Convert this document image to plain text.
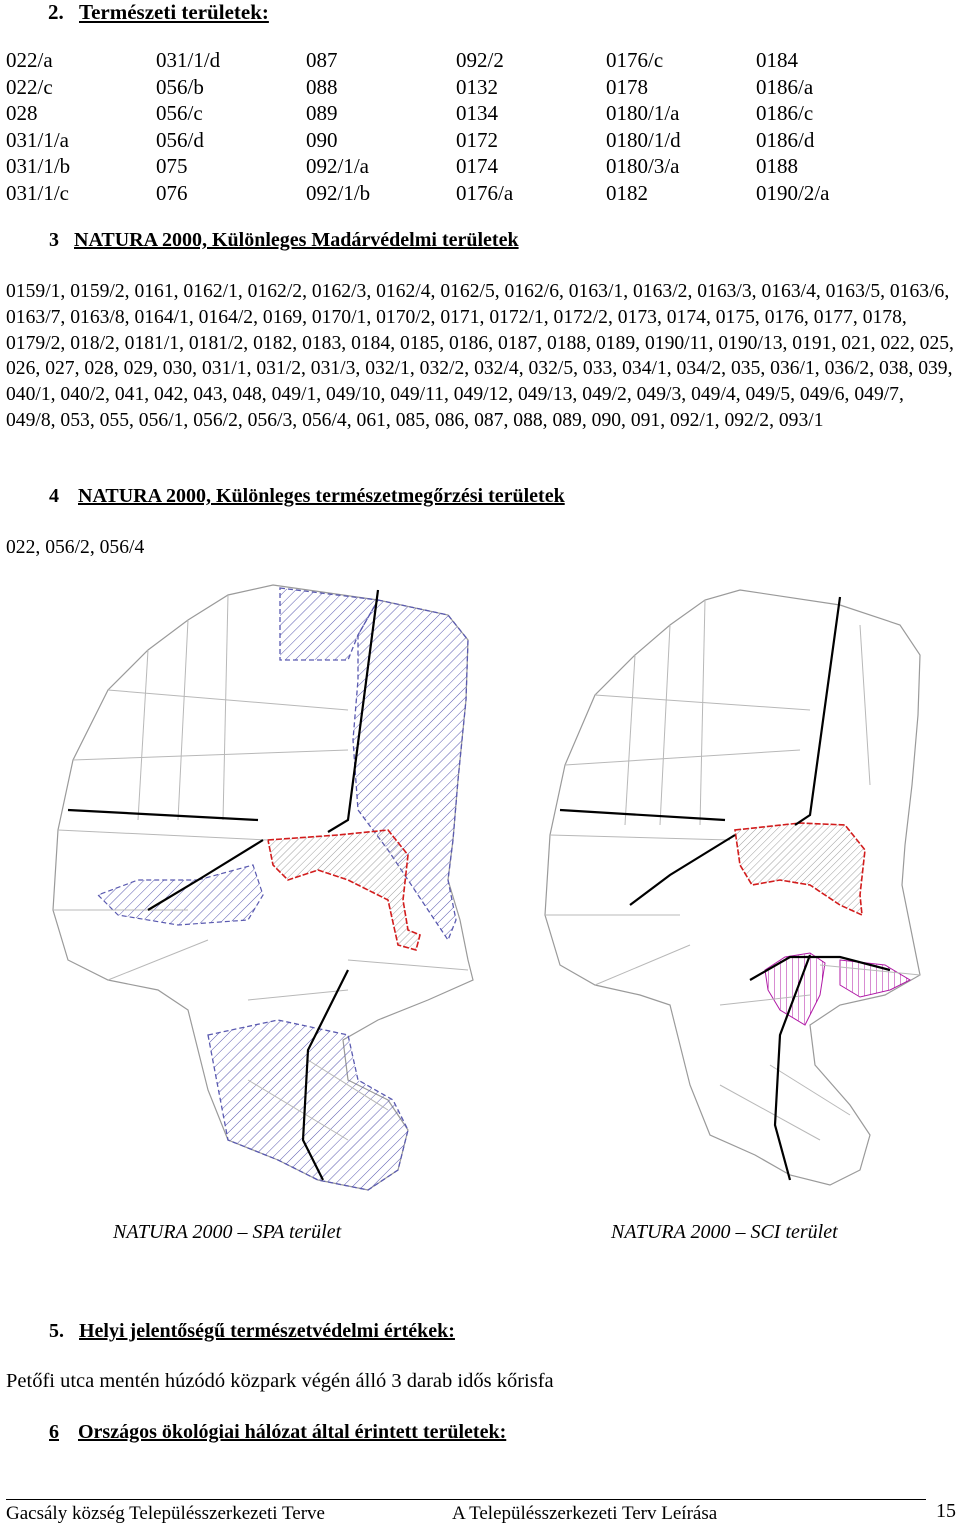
2. Természeti területek:
022/a	031/1/d	087	092/2	0176/c	0184
022/c	056/b	088	0132	0178	0186/a
028	056/c	089	0134	0180/1/a	0186/c
031/1/a	056/d	090	0172	0180/1/d	0186/d
031/1/b	075	092/1/a	0174	0180/3/a	0188
031/1/c	076	092/1/b	0176/a	0182	0190/2/a
3 NATURA 2000, Különleges Madárvédelmi területek
0159/1, 0159/2, 0161, 0162/1, 0162/2, 0162/3, 0162/4, 0162/5, 0162/6, 0163/1, 0163/2, 0163/3, 0163/4, 0163/5, 0163/6, 0163/7, 0163/8, 0164/1, 0164/2, 0169, 0170/1, 0170/2, 0171, 0172/1, 0172/2, 0173, 0174, 0175, 0176, 0177, 0178, 0179/2, 018/2, 0181/1, 0181/2, 0182, 0183, 0184, 0185, 0186, 0187, 0188, 0189, 0190/11, 0190/13, 0191, 021, 022, 025, 026, 027, 028, 029, 030, 031/1, 031/2, 031/3, 032/1, 032/2, 032/4, 032/5, 033, 034/1, 034/2, 035, 036/1, 036/2, 038, 039, 040/1, 040/2, 041, 042, 043, 048, 049/1, 049/10, 049/11, 049/12, 049/13, 049/2, 049/3, 049/4, 049/5, 049/6, 049/7, 049/8, 053, 055, 056/1, 056/2, 056/3, 056/4, 061, 085, 086, 087, 088, 089, 090, 091, 092/1, 092/2, 093/1
4 NATURA 2000, Különleges természetmegőrzési területek
022, 056/2, 056/4
NATURA 2000 – SPA terület	NATURA 2000 – SCI terület
5. Helyi jelentőségű természetvédelmi értékek:
Petőfi utca mentén húzódó közpark végén álló 3 darab idős kőrisfa
6 Országos ökológiai hálózat által érintett területek:
Gacsály község Településszerkezeti Terve	A Településszerkezeti Terv Leírása	15
